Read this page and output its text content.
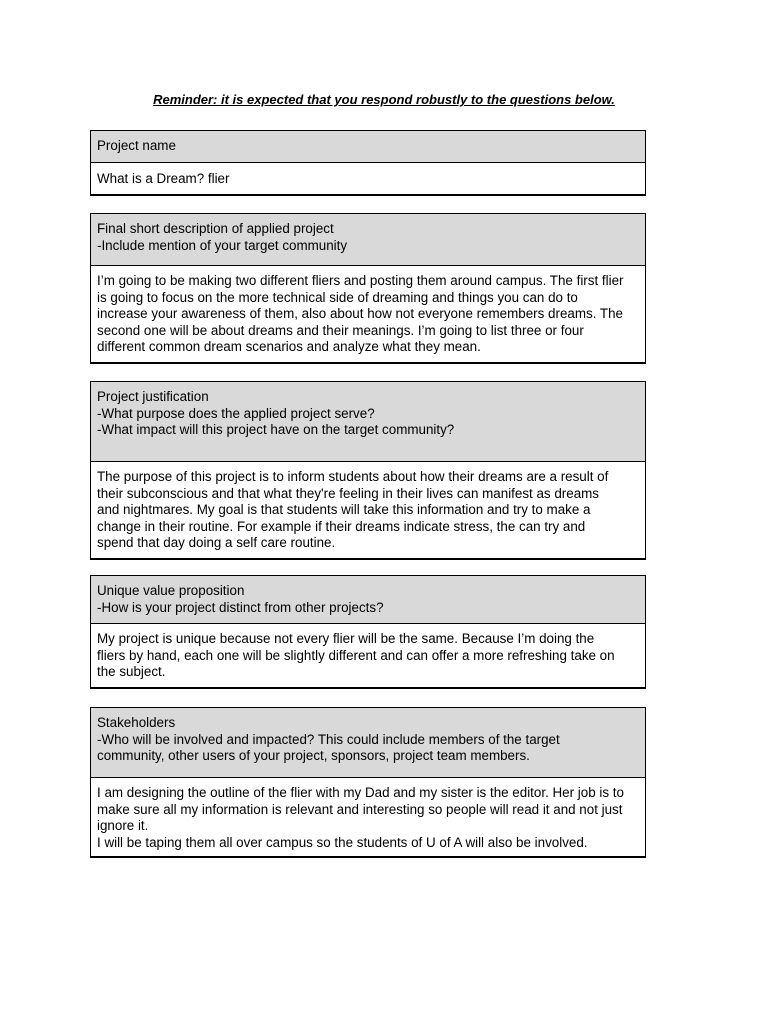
Reminder: it is expected that you respond robustly to the questions below.
Project name
What is a Dream? flier
Final short description of applied project
-Include mention of your target community
I’m going to be making two different fliers and posting them around campus. The first flier
is going to focus on the more technical side of dreaming and things you can do to
increase your awareness of them, also about how not everyone remembers dreams. The
second one will be about dreams and their meanings. I’m going to list three or four
different common dream scenarios and analyze what they mean.
Project justification
-What purpose does the applied project serve?
-What impact will this project have on the target community?
The purpose of this project is to inform students about how their dreams are a result of
their subconscious and that what they're feeling in their lives can manifest as dreams
and nightmares. My goal is that students will take this information and try to make a
change in their routine. For example if their dreams indicate stress, the can try and
spend that day doing a self care routine.
Unique value proposition
-How is your project distinct from other projects?
My project is unique because not every flier will be the same. Because I’m doing the
fliers by hand, each one will be slightly different and can offer a more refreshing take on
the subject.
Stakeholders
-Who will be involved and impacted? This could include members of the target
community, other users of your project, sponsors, project team members.
I am designing the outline of the flier with my Dad and my sister is the editor. Her job is to
make sure all my information is relevant and interesting so people will read it and not just
ignore it.
I will be taping them all over campus so the students of U of A will also be involved.
